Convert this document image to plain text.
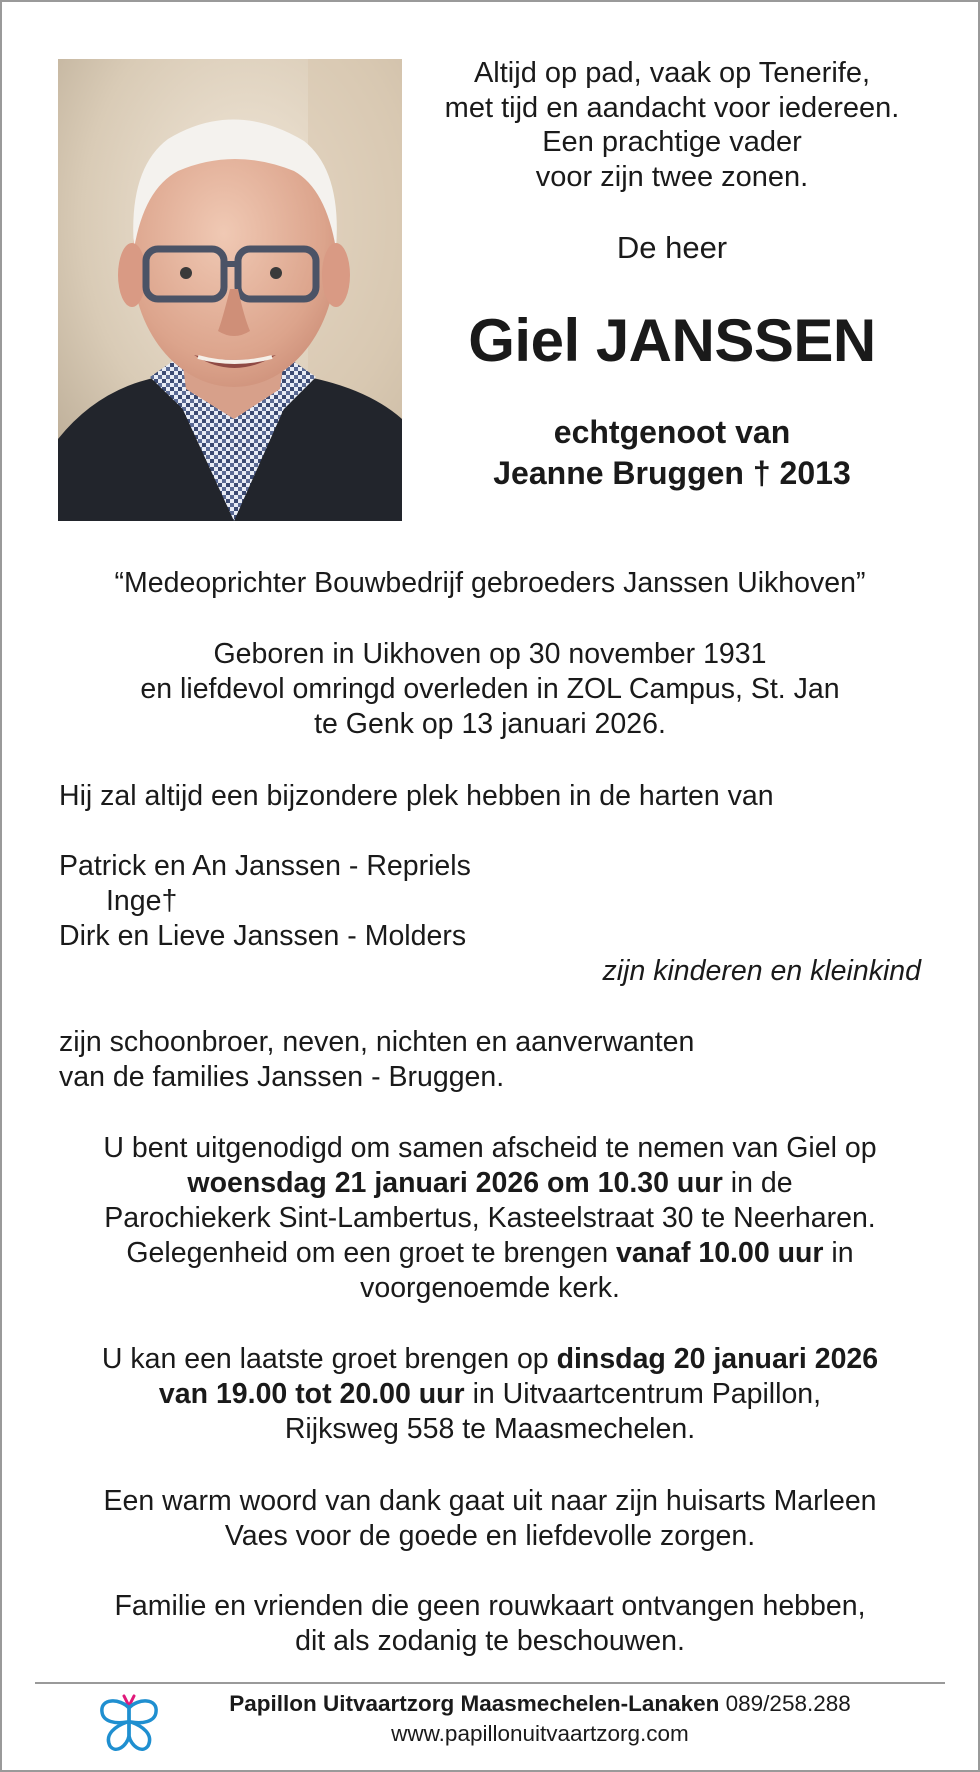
Altijd op pad, vaak op Tenerife,
met tijd en aandacht voor iedereen.
Een prachtige vader
voor zijn twee zonen.
De heer
Giel JANSSEN
echtgenoot van
Jeanne Bruggen † 2013
“Medeoprichter Bouwbedrijf gebroeders Janssen Uikhoven”
Geboren in Uikhoven op 30 november 1931
en liefdevol omringd overleden in ZOL Campus, St. Jan
te Genk op 13 januari 2026.
Hij zal altijd een bijzondere plek hebben in de harten van
Patrick en An Janssen - Repriels
Inge†
Dirk en Lieve Janssen - Molders
zijn kinderen en kleinkind
zijn schoonbroer, neven, nichten en aanverwanten
van de families Janssen - Bruggen.
U bent uitgenodigd om samen afscheid te nemen van Giel op
woensdag 21 januari 2026 om 10.30 uur in de
Parochiekerk Sint-Lambertus, Kasteelstraat 30 te Neerharen.
Gelegenheid om een groet te brengen vanaf 10.00 uur in
voorgenoemde kerk.
U kan een laatste groet brengen op dinsdag 20 januari 2026
van 19.00 tot 20.00 uur in Uitvaartcentrum Papillon,
Rijksweg 558 te Maasmechelen.
Een warm woord van dank gaat uit naar zijn huisarts Marleen
Vaes voor de goede en liefdevolle zorgen.
Familie en vrienden die geen rouwkaart ontvangen hebben,
dit als zodanig te beschouwen.
Papillon Uitvaartzorg Maasmechelen-Lanaken 089/258.288
www.papillonuitvaartzorg.com
